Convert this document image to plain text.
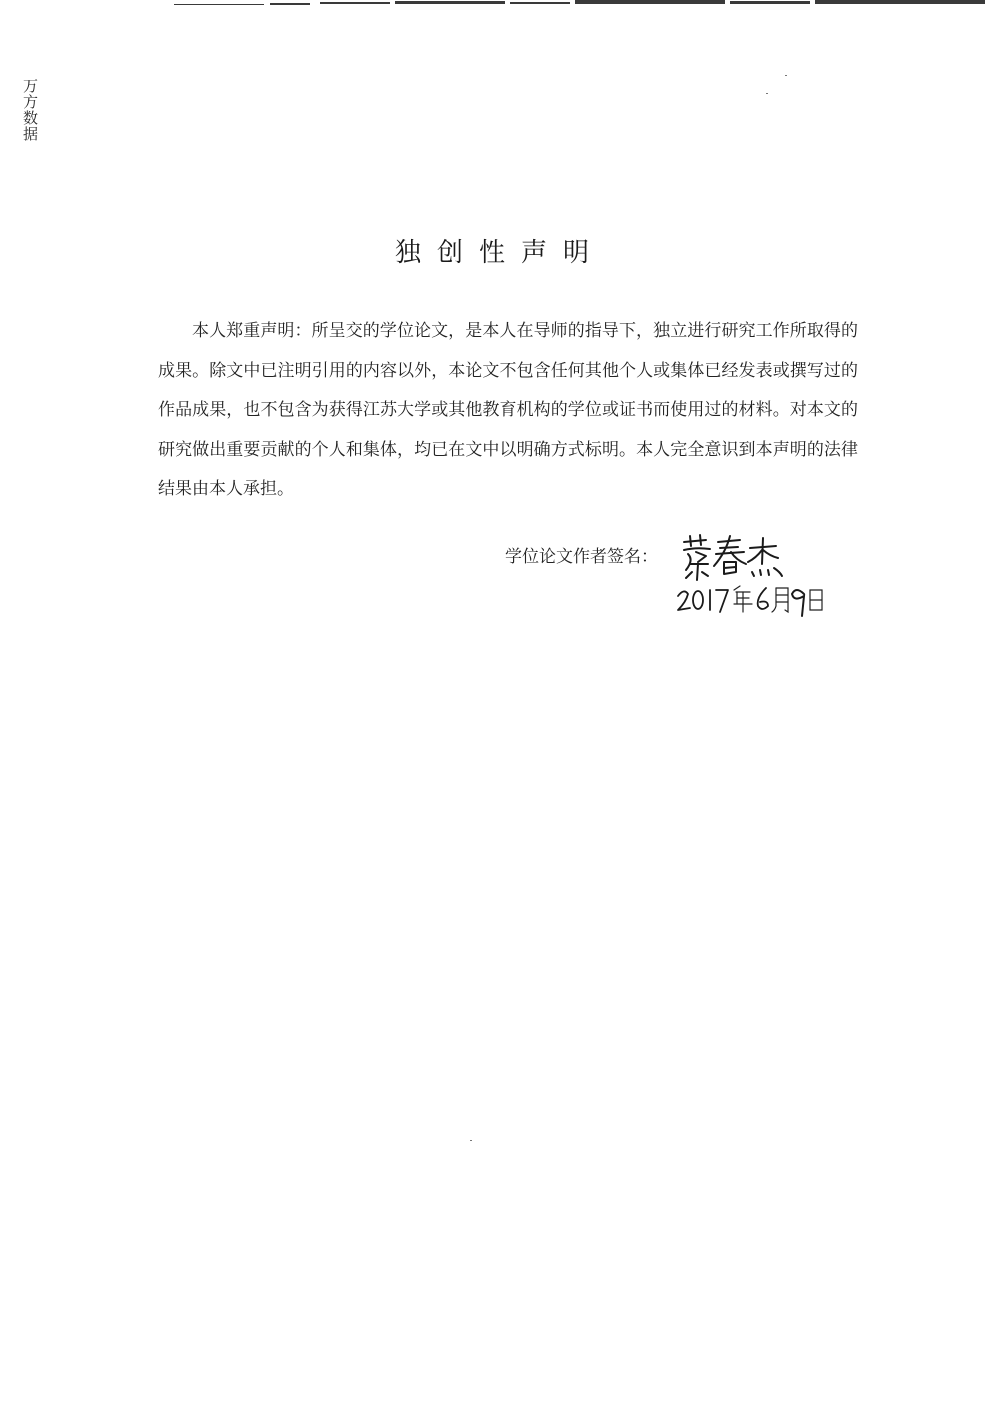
万方数据
独创性声明
本人郑重声明：所呈交的学位论文，是本人在导师的指导下，独立进行研究工作所取得的成果。除文中已注明引用的内容以外，本论文不包含任何其他个人或集体已经发表或撰写过的作品成果，也不包含为获得江苏大学或其他教育机构的学位或证书而使用过的材料。对本文的研究做出重要贡献的个人和集体，均已在文中以明确方式标明。本人完全意识到本声明的法律结果由本人承担。
学位论文作者签名：
